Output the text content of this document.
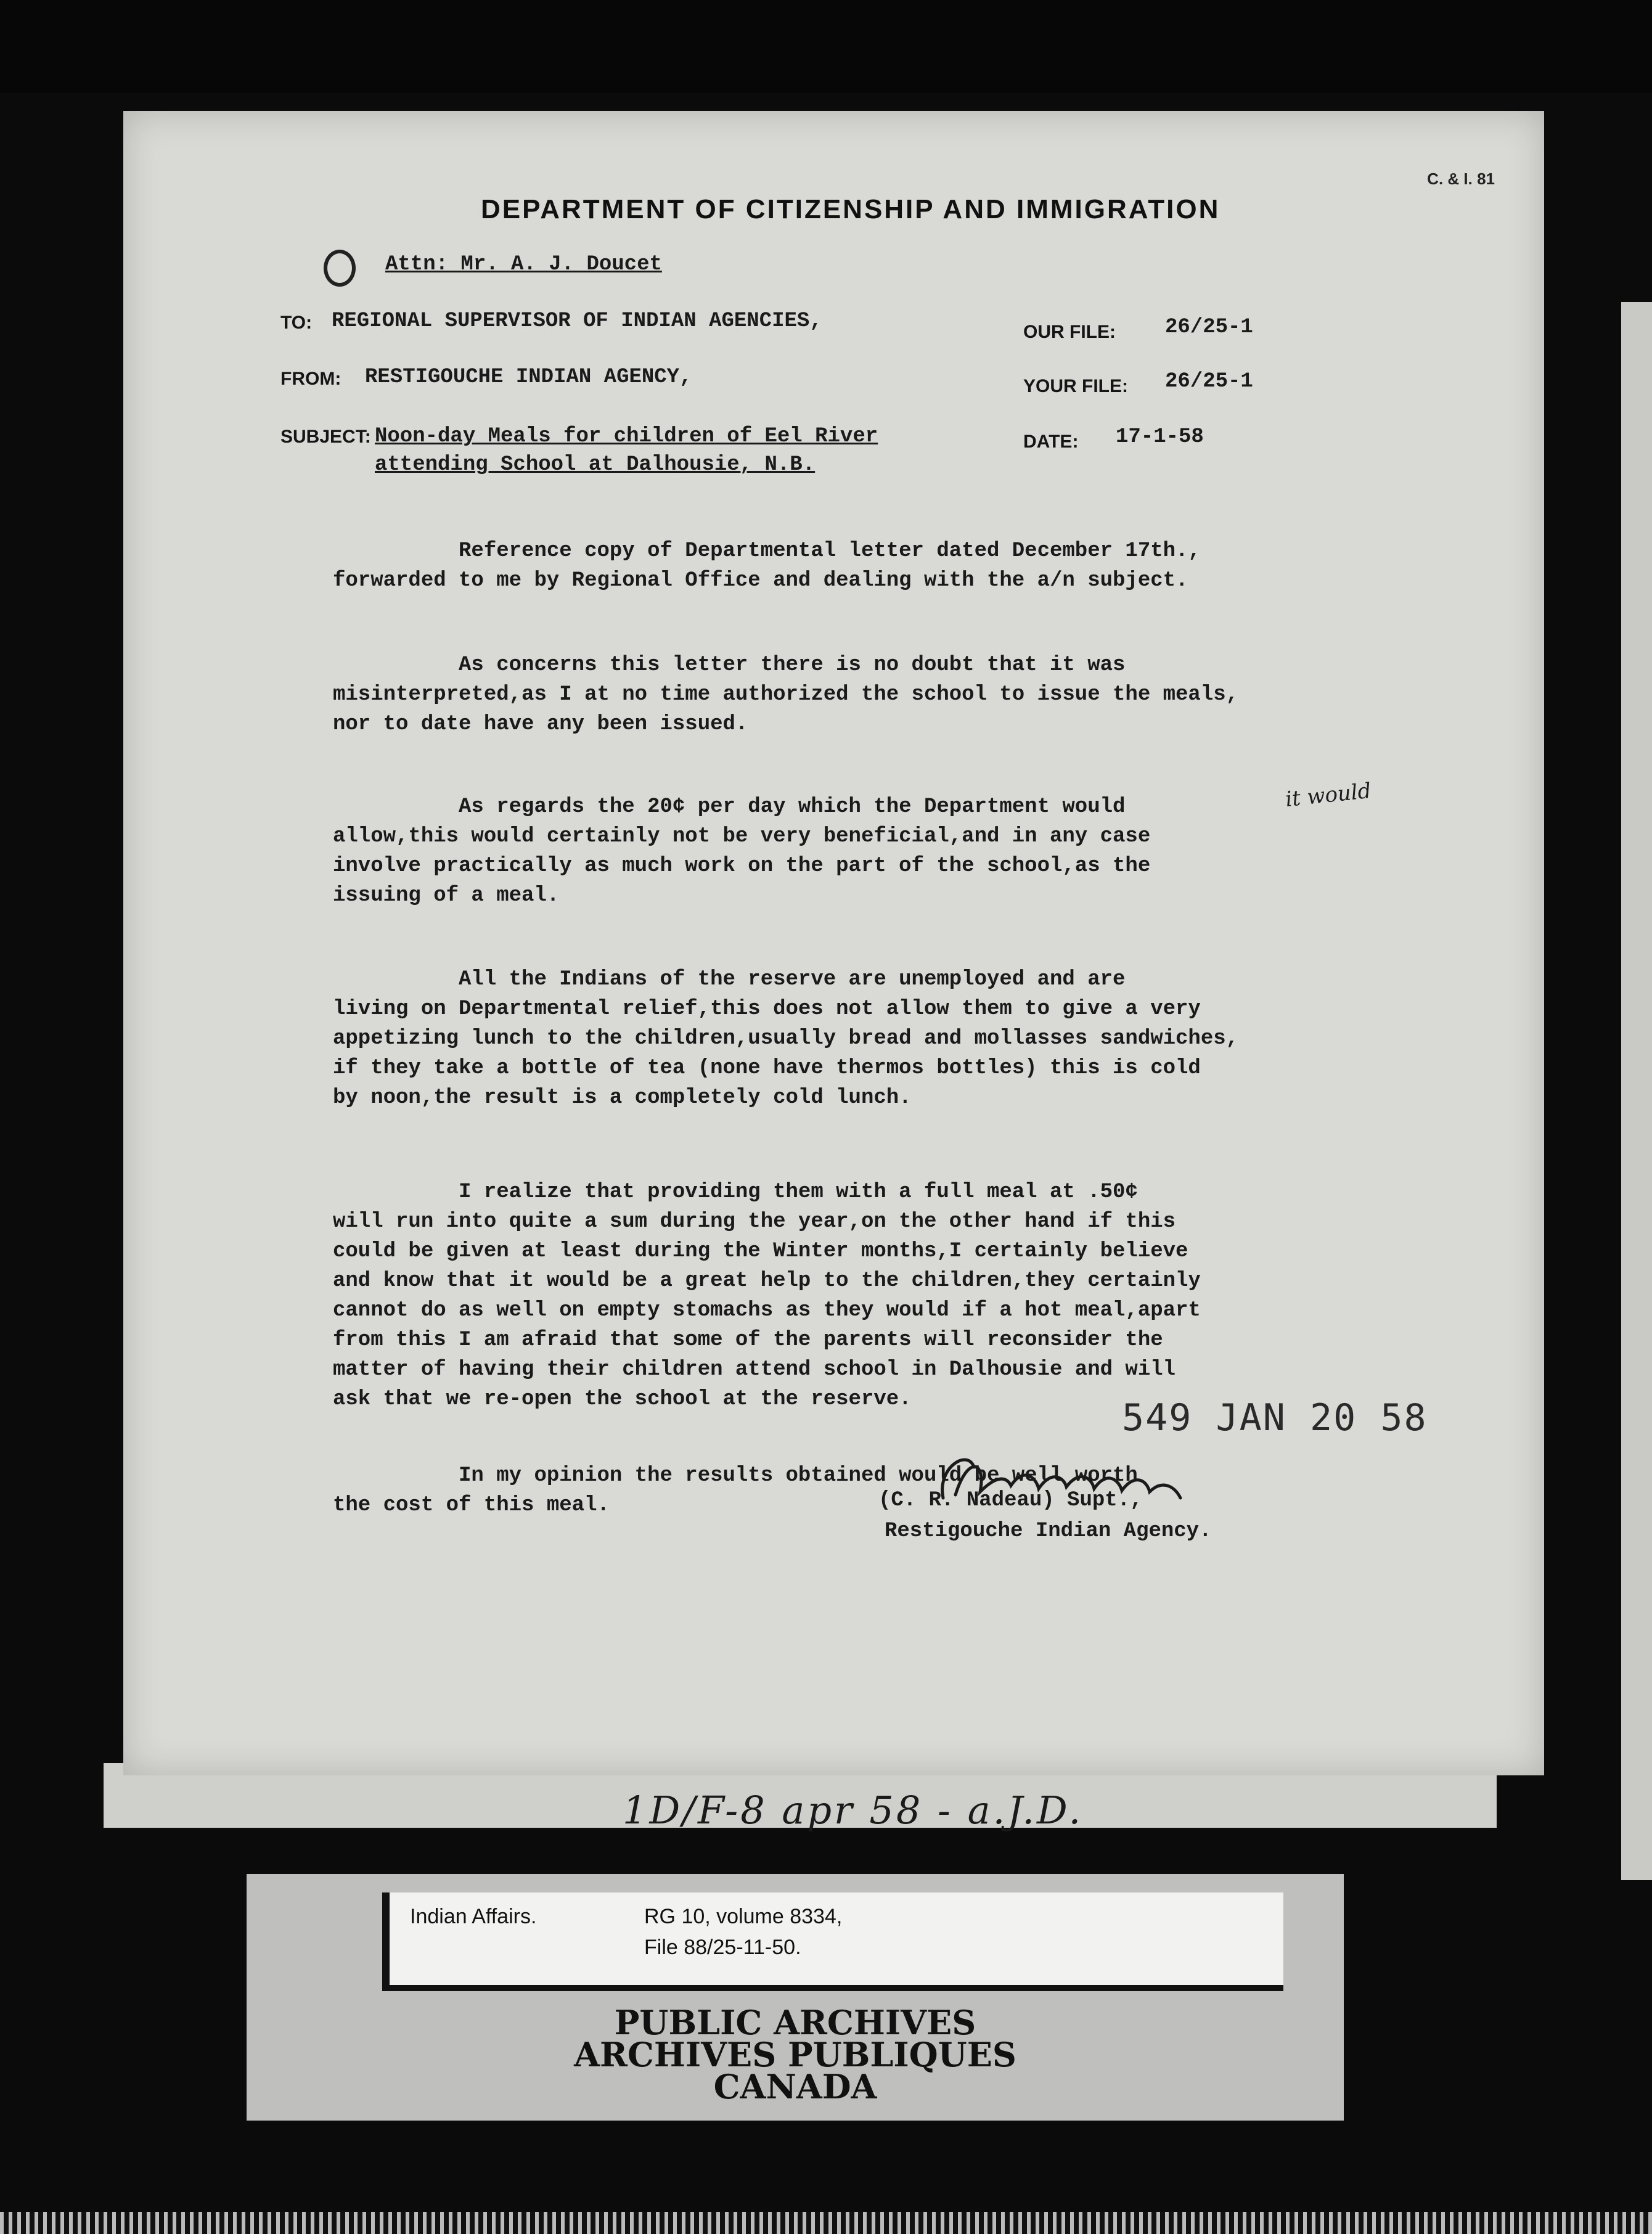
C. & I. 81
DEPARTMENT OF CITIZENSHIP AND IMMIGRATION
Attn: Mr. A. J. Doucet
TO: REGIONAL SUPERVISOR OF INDIAN AGENCIES,
FROM: RESTIGOUCHE INDIAN AGENCY,
SUBJECT: Noon-day Meals for children of Eel River
attending School at Dalhousie, N.B.
OUR FILE: 26/25-1
YOUR FILE: 26/25-1
DATE: 17-1-58
Reference copy of Departmental letter dated December 17th.,
forwarded to me by Regional Office and dealing with the a/n subject.
As concerns this letter there is no doubt that it was
misinterpreted,as I at no time authorized the school to issue the meals,
nor to date have any been issued.
As regards the 20¢ per day which the Department would
allow,this would certainly not be very beneficial,and in any case
involve practically as much work on the part of the school,as the
issuing of a meal.
All the Indians of the reserve are unemployed and are
living on Departmental relief,this does not allow them to give a very
appetizing lunch to the children,usually bread and mollasses sandwiches,
if they take a bottle of tea (none have thermos bottles) this is cold
by noon,the result is a completely cold lunch.
I realize that providing them with a full meal at .50¢
will run into quite a sum during the year,on the other hand if this
could be given at least during the Winter months,I certainly believe
and know that it would be a great help to the children,they certainly
cannot do as well on empty stomachs as they would if a hot meal,apart
from this I am afraid that some of the parents will reconsider the
matter of having their children attend school in Dalhousie and will
ask that we re-open the school at the reserve.
In my opinion the results obtained would be well worth
the cost of this meal.
it would
549 JAN 20 58
(C. R. Nadeau) Supt.,
Restigouche Indian Agency.
1D/F-8 apr 58 - a.J.D.
Indian Affairs.	RG 10, volume 8334,
File 88/25-11-50.
PUBLIC ARCHIVES
ARCHIVES PUBLIQUES
CANADA
